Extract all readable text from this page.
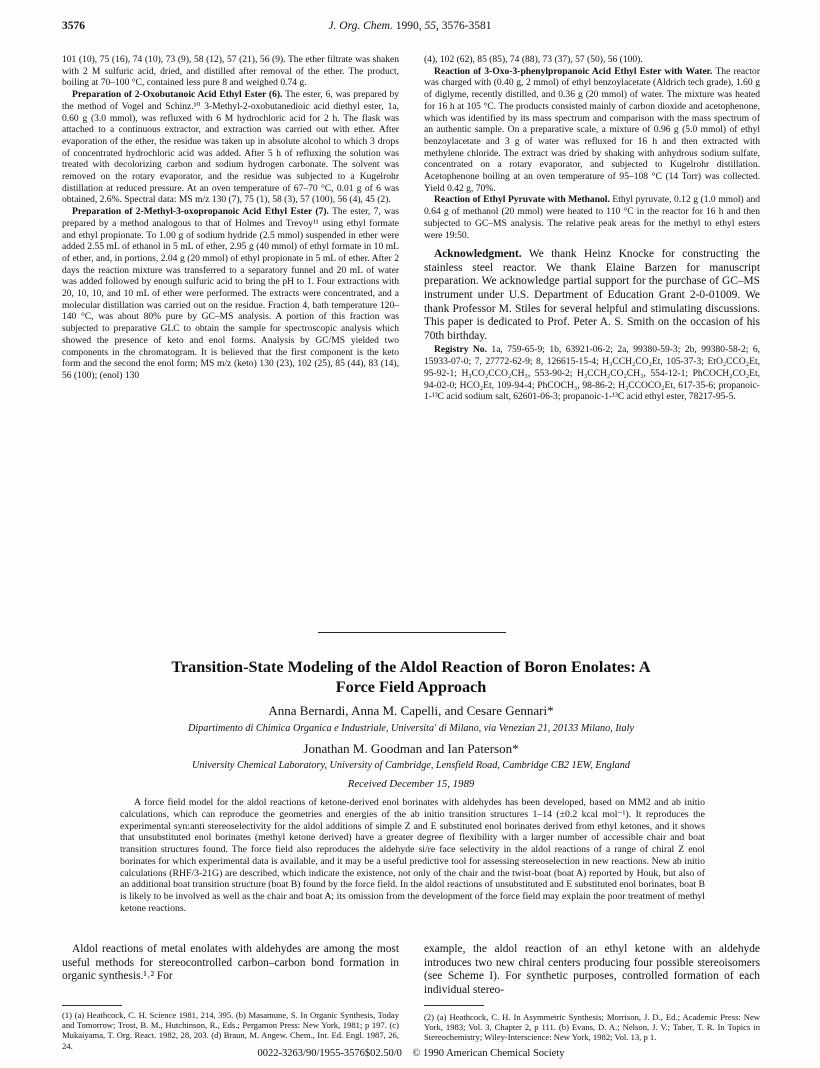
3576	J. Org. Chem. 1990, 55, 3576-3581

101 (10), 75 (16), 74 (10), 73 (9), 58 (12), 57 (21), 56 (9). The ether filtrate was shaken with 2 M sulfuric acid, dried, and distilled after removal of the ether. The product, boiling at 70–100 °C, contained less pure 8 and weighed 0.74 g.

Preparation of 2-Oxobutanoic Acid Ethyl Ester (6). The ester, 6, was prepared by the method of Vogel and Schinz.¹⁰ 3-Methyl-2-oxobutanedioic acid diethyl ester, 1a, 0.60 g (3.0 mmol), was refluxed with 6 M hydrochloric acid for 2 h. The flask was attached to a continuous extractor, and extraction was carried out with ether. After evaporation of the ether, the residue was taken up in absolute alcohol to which 3 drops of concentrated hydrochloric acid was added. After 5 h of refluxing the solution was treated with decolorizing carbon and sodium hydrogen carbonate. The solvent was removed on the rotary evaporator, and the residue was subjected to a Kugelrohr distillation at reduced pressure. At an oven temperature of 67–70 °C, 0.01 g of 6 was obtained, 2.6%. Spectral data: MS m/z 130 (7), 75 (1), 58 (3), 57 (100), 56 (4), 45 (2).

Preparation of 2-Methyl-3-oxopropanoic Acid Ethyl Ester (7). The ester, 7, was prepared by a method analogous to that of Holmes and Trevoy¹¹ using ethyl formate and ethyl propionate. To 1.00 g of sodium hydride (2.5 mmol) suspended in ether were added 2.55 mL of ethanol in 5 mL of ether, 2.95 g (40 mmol) of ethyl formate in 10 mL of ether, and, in portions, 2.04 g (20 mmol) of ethyl propionate in 5 mL of ether. After 2 days the reaction mixture was transferred to a separatory funnel and 20 mL of water was added followed by enough sulfuric acid to bring the pH to 1. Four extractions with 20, 10, 10, and 10 mL of ether were performed. The extracts were concentrated, and a molecular distillation was carried out on the residue. Fraction 4, bath temperature 120–140 °C, was about 80% pure by GC–MS analysis. A portion of this fraction was subjected to preparative GLC to obtain the sample for spectroscopic analysis which showed the presence of keto and enol forms. Analysis by GC/MS yielded two components in the chromatogram. It is believed that the first component is the keto form and the second the enol form; MS m/z (keto) 130 (23), 102 (25), 85 (44), 83 (14), 56 (100); (enol) 130

(4), 102 (62), 85 (85), 74 (88), 73 (37), 57 (50), 56 (100).

Reaction of 3-Oxo-3-phenylpropanoic Acid Ethyl Ester with Water. The reactor was charged with (0.40 g, 2 mmol) of ethyl benzoylacetate (Aldrich tech grade), 1.60 g of diglyme, recently distilled, and 0.36 g (20 mmol) of water. The mixture was heated for 16 h at 105 °C. The products consisted mainly of carbon dioxide and acetophenone, which was identified by its mass spectrum and comparison with the mass spectrum of an authentic sample. On a preparative scale, a mixture of 0.96 g (5.0 mmol) of ethyl benzoylacetate and 3 g of water was refluxed for 16 h and then extracted with methylene chloride. The extract was dried by shaking with anhydrous sodium sulfate, concentrated on a rotary evaporator, and subjected to Kugelrohr distillation. Acetophenone boiling at an oven temperature of 95–108 °C (14 Torr) was collected. Yield 0.42 g, 70%.

Reaction of Ethyl Pyruvate with Methanol. Ethyl pyruvate, 0.12 g (1.0 mmol) and 0.64 g of methanol (20 mmol) were heated to 110 °C in the reactor for 16 h and then subjected to GC–MS analysis. The relative peak areas for the methyl to ethyl esters were 19:50.

Acknowledgment. We thank Heinz Knocke for constructing the stainless steel reactor. We thank Elaine Barzen for manuscript preparation. We acknowledge partial support for the purchase of GC–MS instrument under U.S. Department of Education Grant 2-0-01009. We thank Professor M. Stiles for several helpful and stimulating discussions. This paper is dedicated to Prof. Peter A. S. Smith on the occasion of his 70th birthday.

Registry No. 1a, 759-65-9; 1b, 63921-06-2; 2a, 99380-59-3; 2b, 99380-58-2; 6, 15933-07-0; 7, 27772-62-9; 8, 126615-15-4; H₃CCH₂CO₂Et, 105-37-3; EtO₂CCO₂Et, 95-92-1; H₃CO₂CCO₂CH₃, 553-90-2; H₃CCH₂CO₂CH₃, 554-12-1; PhCOCH₂CO₂Et, 94-02-0; HCO₂Et, 109-94-4; PhCOCH₃, 98-86-2; H₃CCOCO₂Et, 617-35-6; propanoic-1-¹³C acid sodium salt, 62601-06-3; propanoic-1-¹³C acid ethyl ester, 78217-95-5.

Transition-State Modeling of the Aldol Reaction of Boron Enolates: A
Force Field Approach
Anna Bernardi, Anna M. Capelli, and Cesare Gennari*
Dipartimento di Chimica Organica e Industriale, Universita' di Milano, via Venezian 21, 20133 Milano, Italy
Jonathan M. Goodman and Ian Paterson*
University Chemical Laboratory, University of Cambridge, Lensfield Road, Cambridge CB2 1EW, England
Received December 15, 1989

A force field model for the aldol reactions of ketone-derived enol borinates with aldehydes has been developed, based on MM2 and ab initio calculations, which can reproduce the geometries and energies of the ab initio transition structures 1–14 (±0.2 kcal mol⁻¹). It reproduces the experimental syn:anti stereoselectivity for the aldol additions of simple Z and E substituted enol borinates derived from ethyl ketones, and it shows that unsubstituted enol borinates (methyl ketone derived) have a greater degree of flexibility with a larger number of accessible chair and boat transition structures found. The force field also reproduces the aldehyde si/re face selectivity in the aldol reactions of a range of chiral Z enol borinates for which experimental data is available, and it may be a useful predictive tool for assessing stereoselection in new reactions. New ab initio calculations (RHF/3-21G) are described, which indicate the existence, not only of the chair and the twist-boat (boat A) reported by Houk, but also of an additional boat transition structure (boat B) found by the force field. In the aldol reactions of unsubstituted and E substituted enol borinates, boat B is likely to be involved as well as the chair and boat A; its omission from the development of the force field may explain the poor treatment of methyl ketone reactions.

Aldol reactions of metal enolates with aldehydes are among the most useful methods for stereocontrolled carbon–carbon bond formation in organic synthesis.¹˒² For

example, the aldol reaction of an ethyl ketone with an aldehyde introduces two new chiral centers producing four possible stereoisomers (see Scheme I). For synthetic purposes, controlled formation of each individual stereo-

(1) (a) Heathcock, C. H. Science 1981, 214, 395. (b) Masamune, S. In Organic Synthesis, Today and Tomorrow; Trost, B. M., Hutchinson, R., Eds.; Pergamon Press: New York, 1981; p 197. (c) Mukaiyama, T. Org. React. 1982, 28, 203. (d) Braun, M. Angew. Chem., Int. Ed. Engl. 1987, 26, 24.
(2) (a) Heathcock, C. H. In Asymmetric Synthesis; Morrison, J. D., Ed.; Academic Press: New York, 1983; Vol. 3, Chapter 2, p 111. (b) Evans, D. A.; Nelson, J. V.; Taber, T. R. In Topics in Stereochemistry; Wiley-Interscience: New York, 1982; Vol. 13, p 1.
0022-3263/90/1955-3576$02.50/0 © 1990 American Chemical Society
